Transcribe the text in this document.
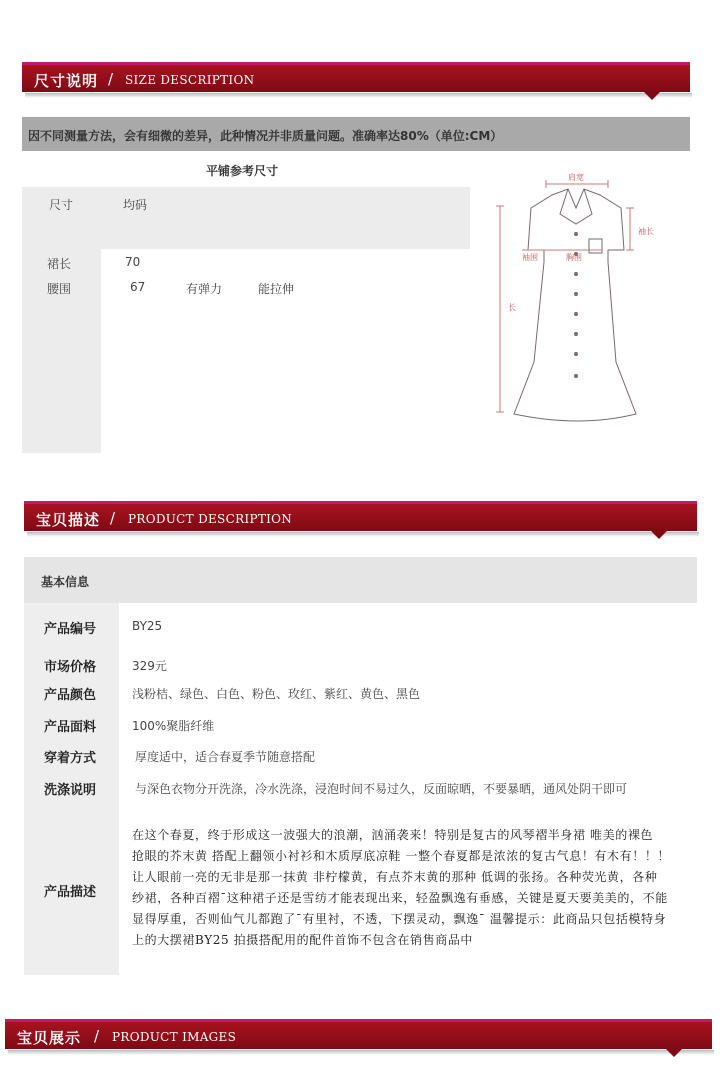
尺寸说明 / SIZE DESCRIPTION
因不同测量方法，会有细微的差异，此种情况并非质量问题。准确率达80%（单位:CM）
平铺参考尺寸
尺寸	均码
裙长	70
腰围	67	有弹力	能拉伸
肩宽
袖长
袖围	胸围
长
宝贝描述 / PRODUCT DESCRIPTION
基本信息
产品编号	BY25
市场价格	329元
产品颜色	浅粉桔、绿色、白色、粉色、玫红、紫红、黄色、黑色
产品面料	100%聚脂纤维
穿着方式	厚度适中，适合春夏季节随意搭配
洗涤说明	与深色衣物分开洗涤，冷水洗涤，浸泡时间不易过久，反面晾晒，不要暴晒，通风处阴干即可
产品描述
在这个春夏，终于形成这一波强大的浪潮，汹涌袭来！特别是复古的风琴褶半身裙 唯美的裸色
抢眼的芥末黄 搭配上翻领小衬衫和木质厚底凉鞋 一整个春夏都是浓浓的复古气息！有木有！！！
让人眼前一亮的无非是那一抹黄 非柠檬黄，有点芥末黄的那种 低调的张扬。各种荧光黄，各种
纱裙，各种百褶¯这种裙子还是雪纺才能表现出来，轻盈飘逸有垂感，关键是夏天要美美的，不能
显得厚重，否则仙气儿都跑了¯有里衬，不透，下摆灵动，飘逸¯ 温馨提示：此商品只包括模特身
上的大摆裙BY25 拍摄搭配用的配件首饰不包含在销售商品中
宝贝展示 / PRODUCT IMAGES
